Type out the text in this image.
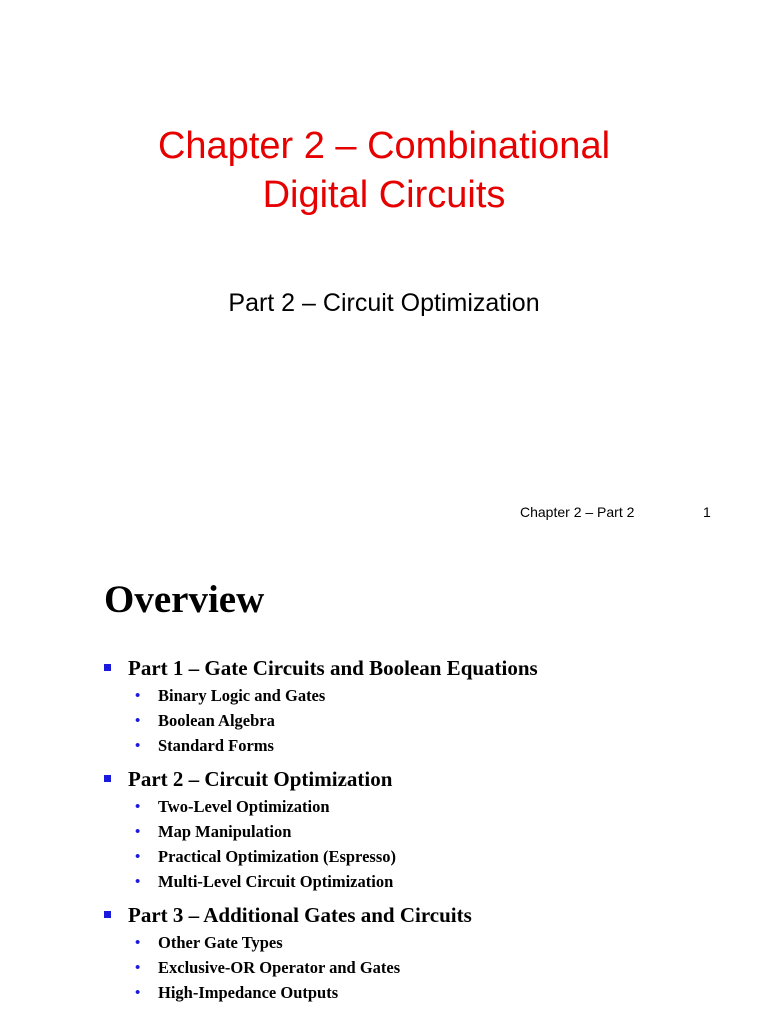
Chapter 2 – Combinational
Digital Circuits
Part 2 – Circuit Optimization
Chapter 2 – Part 2	1
Overview
Part 1 – Gate Circuits and Boolean Equations
• Binary Logic and Gates
• Boolean Algebra
• Standard Forms
Part 2 – Circuit Optimization
• Two-Level Optimization
• Map Manipulation
• Practical Optimization (Espresso)
• Multi-Level Circuit Optimization
Part 3 – Additional Gates and Circuits
• Other Gate Types
• Exclusive-OR Operator and Gates
• High-Impedance Outputs
